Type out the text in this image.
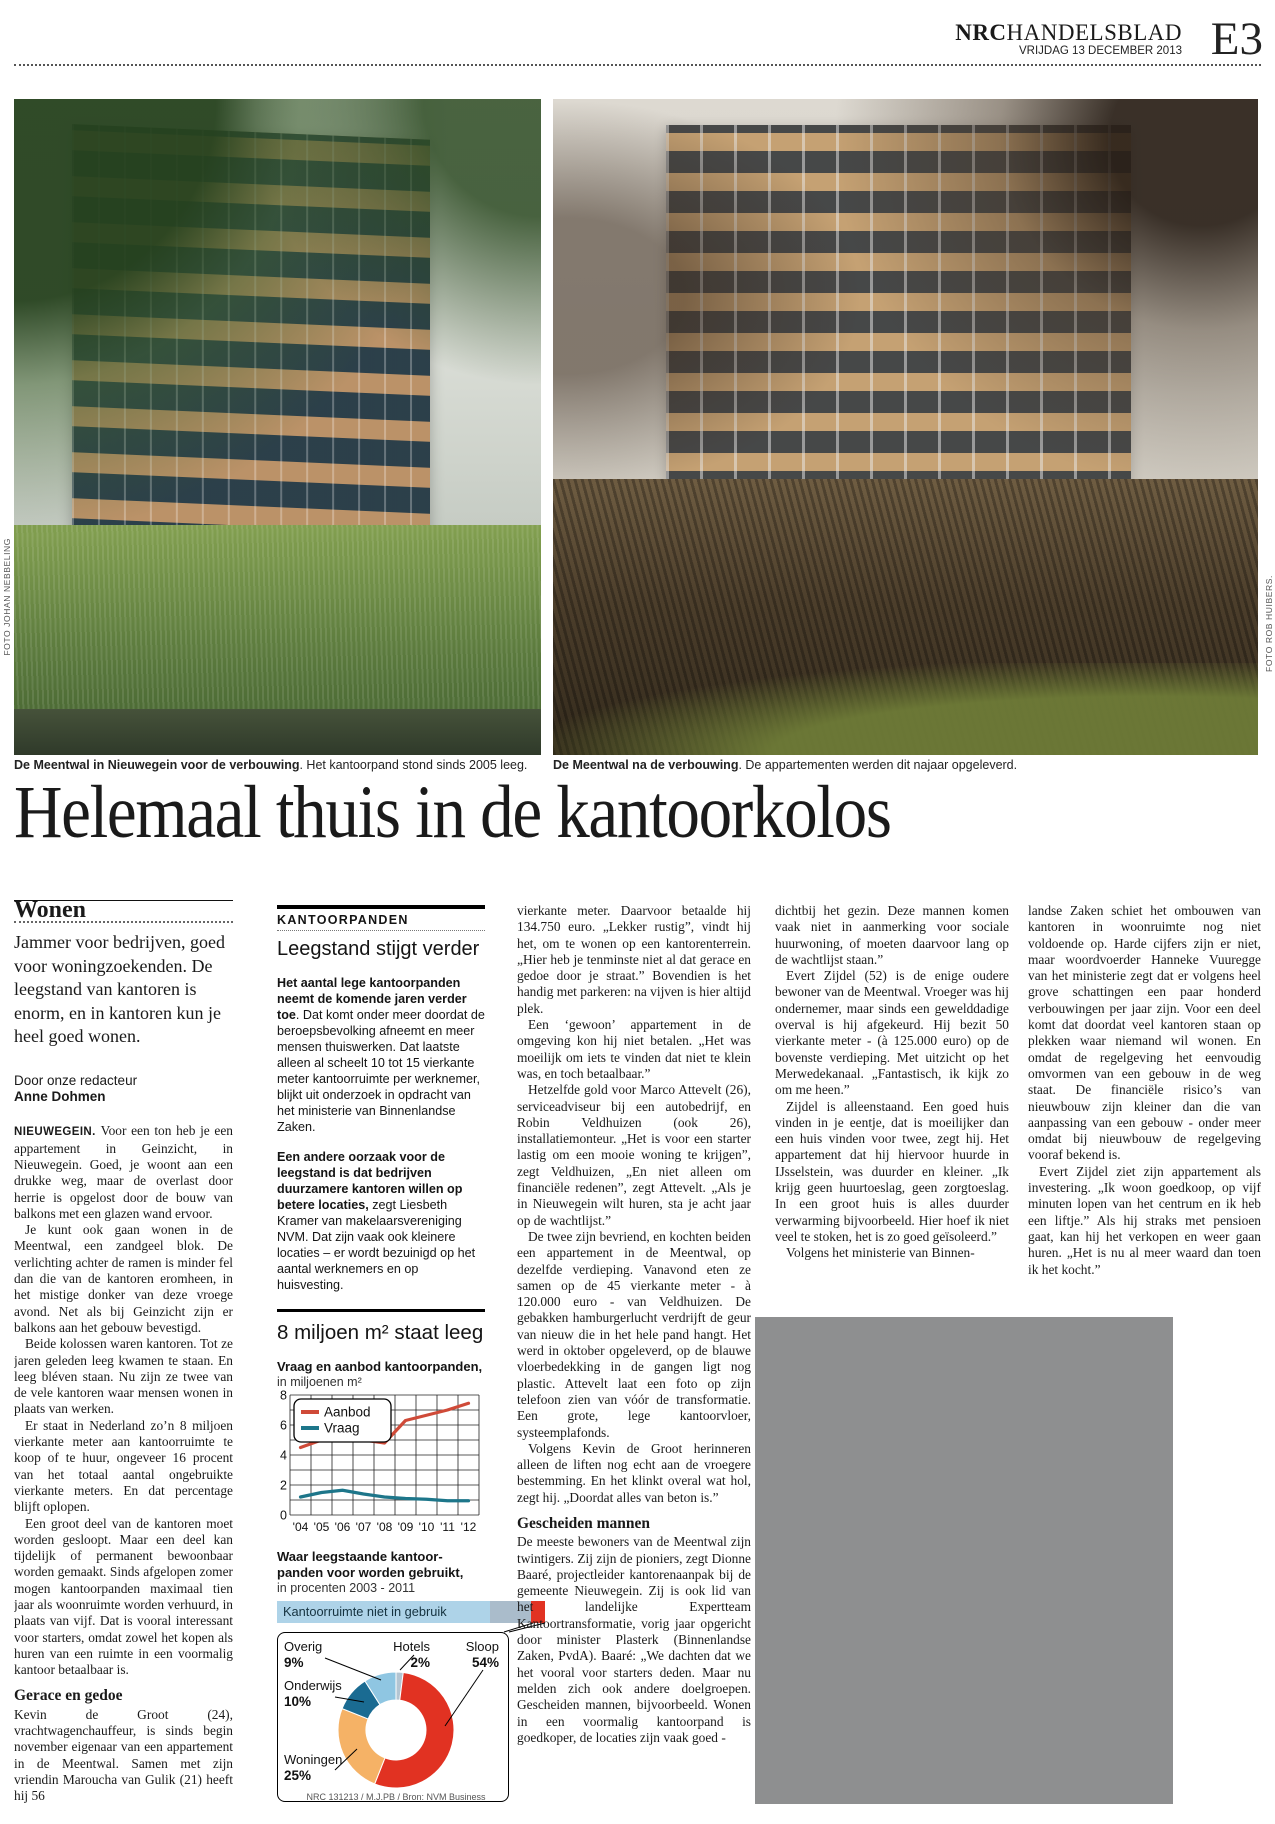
NRCHANDELSBLAD
VRIJDAG 13 DECEMBER 2013 E3
FOTO JOHAN NEBBELING	FOTO ROB HUIBERS.
De Meentwal in Nieuwegein voor de verbouwing. Het kantoorpand stond sinds 2005 leeg.	De Meentwal na de verbouwing. De appartementen werden dit najaar opgeleverd.
Helemaal thuis in de kantoorkolos
Wonen
Jammer voor bedrijven, goed voor woningzoekenden. De leegstand van kantoren is enorm, en in kantoren kun je heel goed wonen.
Door onze redacteur
Anne Dohmen

NIEUWEGEIN. Voor een ton heb je een appartement in Geinzicht, in Nieuwegein. Goed, je woont aan een drukke weg, maar de overlast door herrie is opgelost door de bouw van balkons met een glazen wand ervoor.

Je kunt ook gaan wonen in de Meentwal, een zandgeel blok. De verlichting achter de ramen is minder fel dan die van de kantoren eromheen, in het mistige donker van deze vroege avond. Net als bij Geinzicht zijn er balkons aan het gebouw bevestigd.

Beide kolossen waren kantoren. Tot ze jaren geleden leeg kwamen te staan. En leeg bléven staan. Nu zijn ze twee van de vele kantoren waar mensen wonen in plaats van werken.

Er staat in Nederland zo’n 8 miljoen vierkante meter aan kantoorruimte te koop of te huur, ongeveer 16 procent van het totaal aantal ongebruikte vierkante meters. En dat percentage blijft oplopen.

Een groot deel van de kantoren moet worden gesloopt. Maar een deel kan tijdelijk of permanent bewoonbaar worden gemaakt. Sinds afgelopen zomer mogen kantoorpanden maximaal tien jaar als woonruimte worden verhuurd, in plaats van vijf. Dat is vooral interessant voor starters, omdat zowel het kopen als huren van een ruimte in een voormalig kantoor betaalbaar is.

Gerace en gedoe

Kevin de Groot (24), vrachtwagenchauffeur, is sinds begin november eigenaar van een appartement in de Meentwal. Samen met zijn vriendin Maroucha van Gulik (21) heeft hij 56

KANTOORPANDEN
Leegstand stijgt verder

Het aantal lege kantoorpanden neemt de komende jaren verder toe. Dat komt onder meer doordat de beroepsbevolking afneemt en meer mensen thuiswerken. Dat laatste alleen al scheelt 10 tot 15 vierkante meter kantoorruimte per werknemer, blijkt uit onderzoek in opdracht van het ministerie van Binnenlandse Zaken.

Een andere oorzaak voor de leegstand is dat bedrijven duurzamere kantoren willen op betere locaties, zegt Liesbeth Kramer van makelaarsvereniging NVM. Dat zijn vaak ook kleinere locaties – er wordt bezuinigd op het aantal werknemers en op huisvesting.

8 miljoen m² staat leeg
Vraag en aanbod kantoorpanden,
in miljoenen m²
0
2
4
6
8
'04 '05 '06 '07 '08 '09 '10 '11 '12
Aanbod
Vraag
Waar leegstaande kantoor-panden voor worden gebruikt,
in procenten 2003 - 2011
Kantoorruimte niet in gebruik
Hotels
2%
Sloop
54%
Woningen
25%
Onderwijs
10%
Overig
9%
NRC 131213 / M.J.PB / Bron: NVM Business

vierkante meter. Daarvoor betaalde hij 134.750 euro. „Lekker rustig”, vindt hij het, om te wonen op een kantorenterrein. „Hier heb je tenminste niet al dat gerace en gedoe door je straat.” Bovendien is het handig met parkeren: na vijven is hier altijd plek.

Een ‘gewoon’ appartement in de omgeving kon hij niet betalen. „Het was moeilijk om iets te vinden dat niet te klein was, en toch betaalbaar.”

Hetzelfde gold voor Marco Attevelt (26), serviceadviseur bij een autobedrijf, en Robin Veldhuizen (ook 26), installatiemonteur. „Het is voor een starter lastig om een mooie woning te krijgen”, zegt Veldhuizen, „En niet alleen om financiële redenen”, zegt Attevelt. „Als je in Nieuwegein wilt huren, sta je acht jaar op de wachtlijst.”

De twee zijn bevriend, en kochten beiden een appartement in de Meentwal, op dezelfde verdieping. Vanavond eten ze samen op de 45 vierkante meter - à 120.000 euro - van Veldhuizen. De gebakken hamburgerlucht verdrijft de geur van nieuw die in het hele pand hangt. Het werd in oktober opgeleverd, op de blauwe vloerbedekking in de gangen ligt nog plastic. Attevelt laat een foto op zijn telefoon zien van vóór de transformatie. Een grote, lege kantoorvloer, systeemplafonds.

Volgens Kevin de Groot herinneren alleen de liften nog echt aan de vroegere bestemming. En het klinkt overal wat hol, zegt hij. „Doordat alles van beton is.”

Gescheiden mannen

De meeste bewoners van de Meentwal zijn twintigers. Zij zijn de pioniers, zegt Dionne Baaré, projectleider kantorenaanpak bij de gemeente Nieuwegein. Zij is ook lid van het landelijke Expertteam Kantoortransformatie, vorig jaar opgericht door minister Plasterk (Binnenlandse Zaken, PvdA). Baaré: „We dachten dat we het vooral voor starters deden. Maar nu melden zich ook andere doelgroepen. Gescheiden mannen, bijvoorbeeld. Wonen in een voormalig kantoorpand is goedkoper, de locaties zijn vaak goed -

dichtbij het gezin. Deze mannen komen vaak niet in aanmerking voor sociale huurwoning, of moeten daarvoor lang op de wachtlijst staan.”

Evert Zijdel (52) is de enige oudere bewoner van de Meentwal. Vroeger was hij ondernemer, maar sinds een gewelddadige overval is hij afgekeurd. Hij bezit 50 vierkante meter - (à 125.000 euro) op de bovenste verdieping. Met uitzicht op het Merwedekanaal. „Fantastisch, ik kijk zo om me heen.”

Zijdel is alleenstaand. Een goed huis vinden in je eentje, dat is moeilijker dan een huis vinden voor twee, zegt hij. Het appartement dat hij hiervoor huurde in IJsselstein, was duurder en kleiner. „Ik krijg geen huurtoeslag, geen zorgtoeslag. In een groot huis is alles duurder verwarming bijvoorbeeld. Hier hoef ik niet veel te stoken, het is zo goed geïsoleerd.”

Volgens het ministerie van Binnen-

landse Zaken schiet het ombouwen van kantoren in woonruimte nog niet voldoende op. Harde cijfers zijn er niet, maar woordvoerder Hanneke Vuuregge van het ministerie zegt dat er volgens heel grove schattingen een paar honderd verbouwingen per jaar zijn. Voor een deel komt dat doordat veel kantoren staan op plekken waar niemand wil wonen. En omdat de regelgeving het eenvoudig omvormen van een gebouw in de weg staat. De financiële risico’s van nieuwbouw zijn kleiner dan die van aanpassing van een gebouw - onder meer omdat bij nieuwbouw de regelgeving vooraf bekend is.

Evert Zijdel ziet zijn appartement als investering. „Ik woon goedkoop, op vijf minuten lopen van het centrum en ik heb een liftje.” Als hij straks met pensioen gaat, kan hij het verkopen en weer gaan huren. „Het is nu al meer waard dan toen ik het kocht.”
